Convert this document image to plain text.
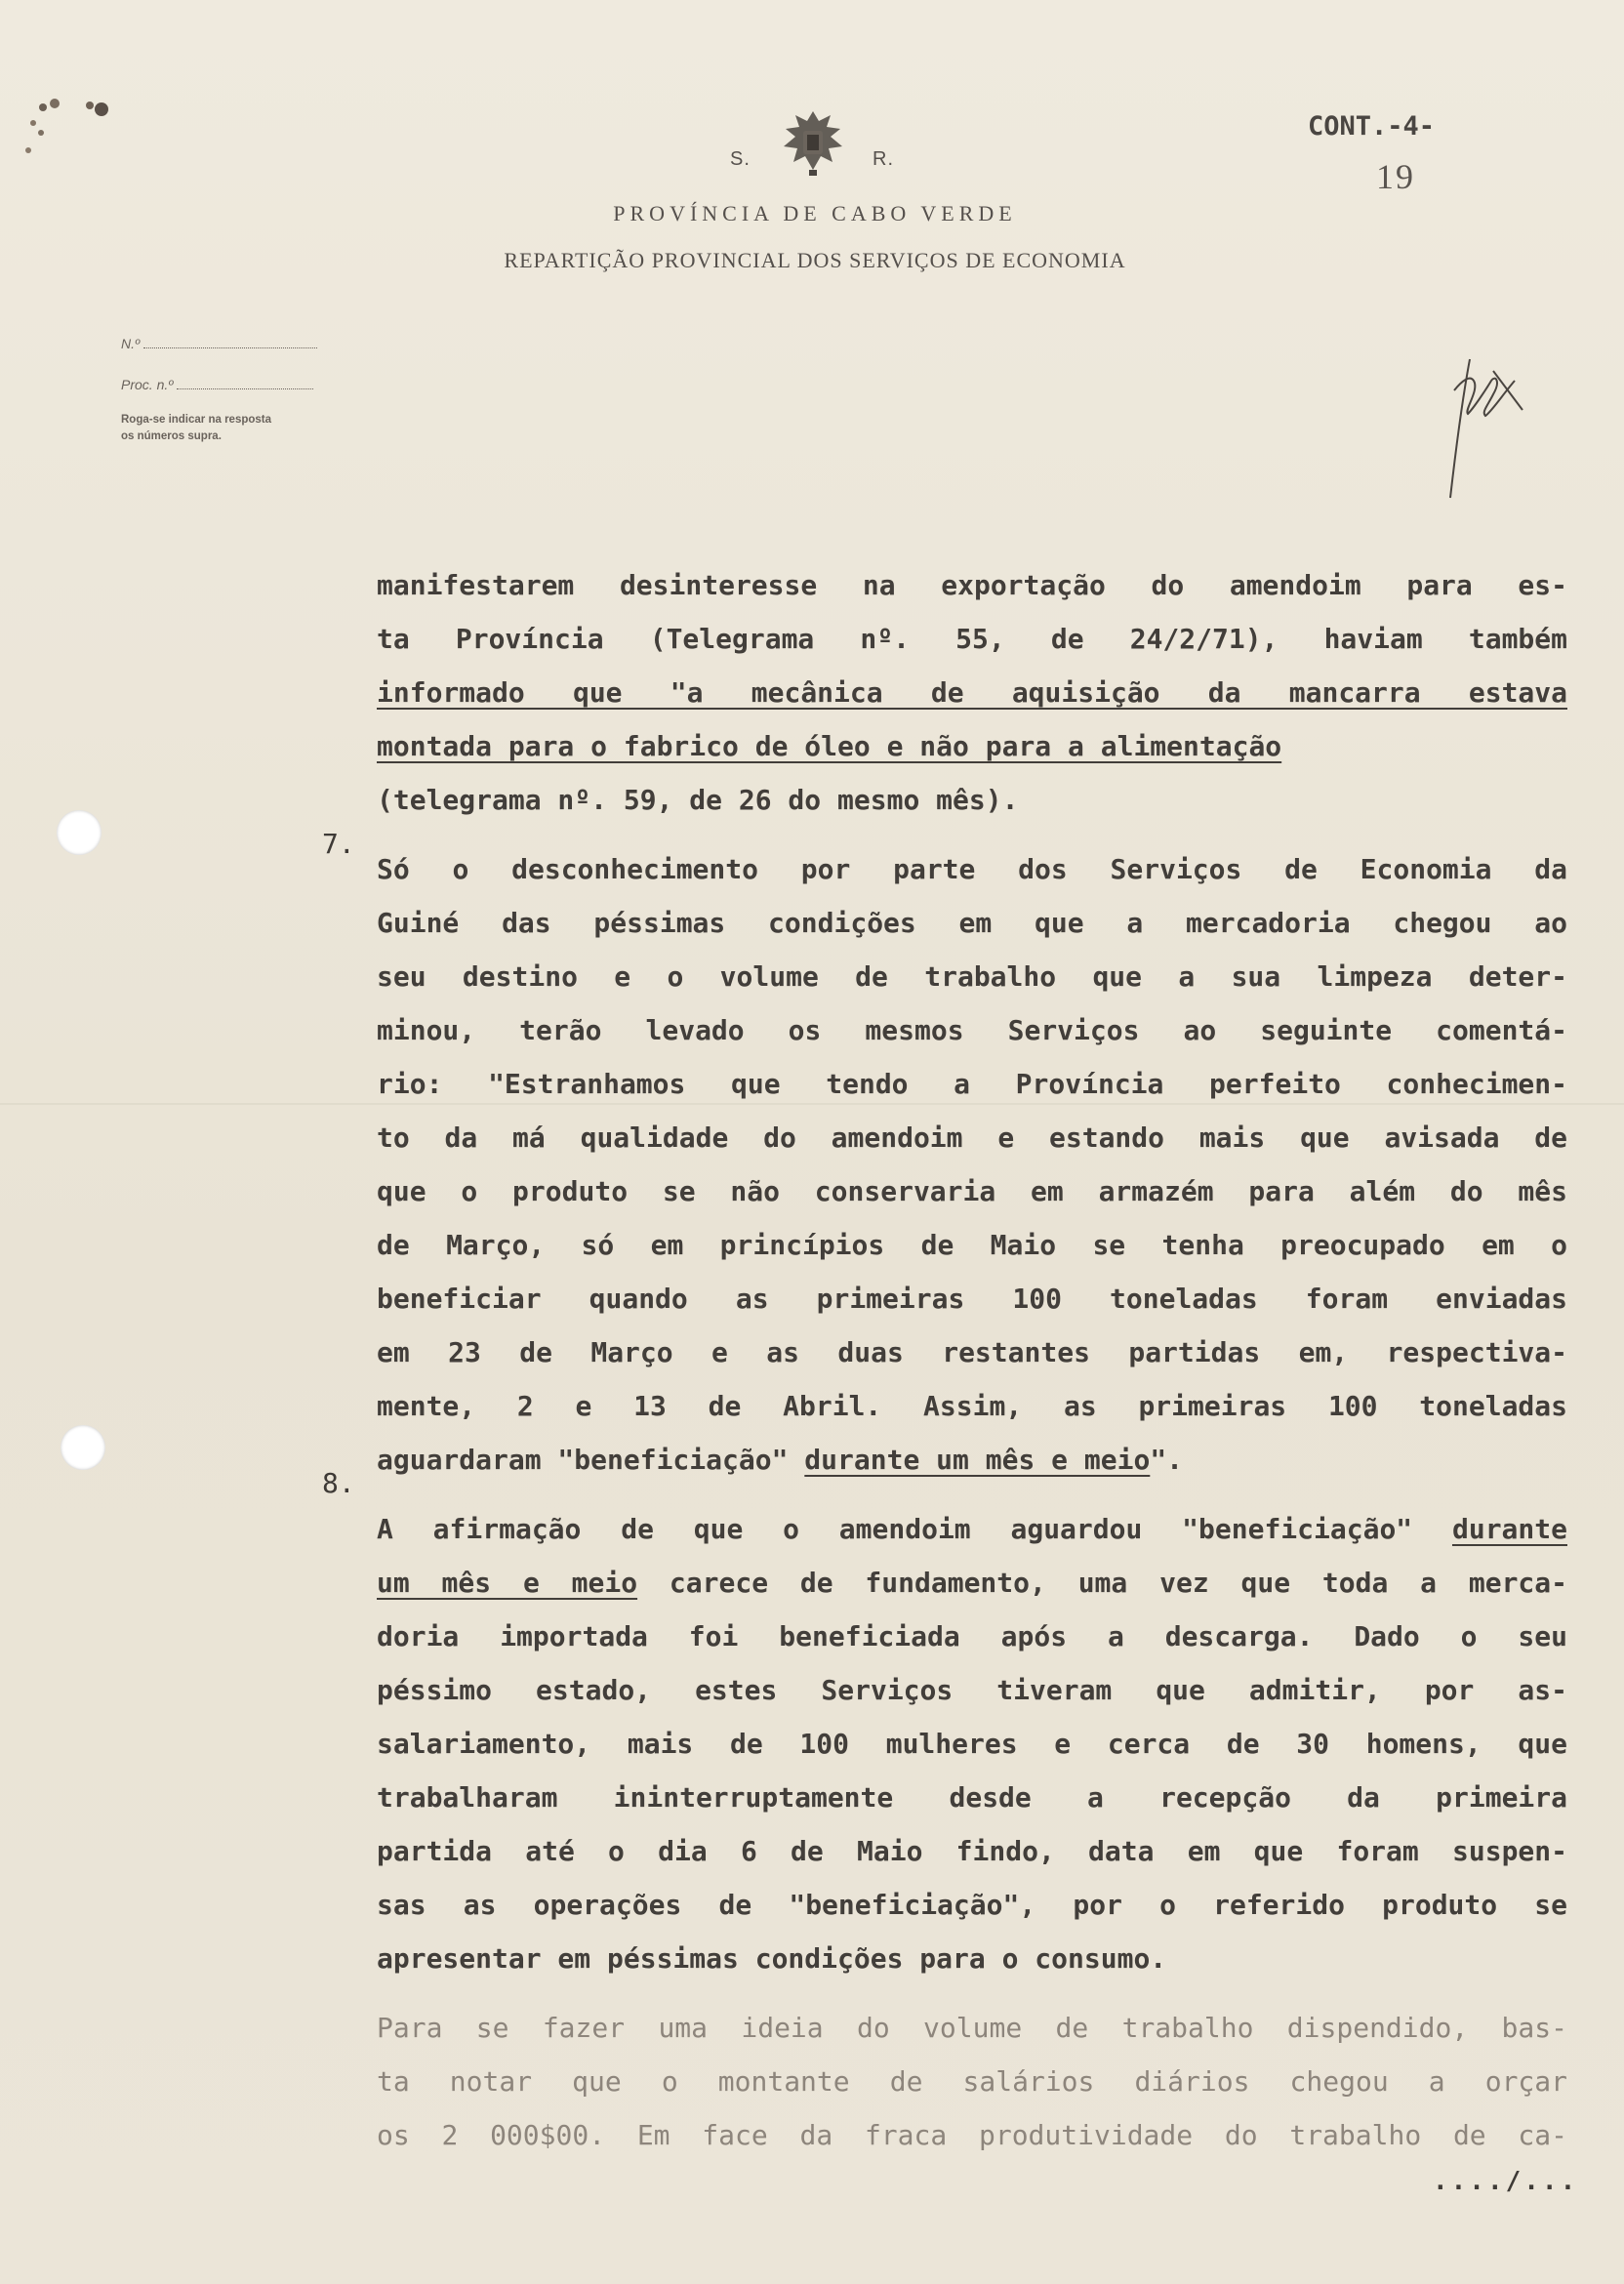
S.	R.
PROVÍNCIA DE CABO VERDE
REPARTIÇÃO PROVINCIAL DOS SERVIÇOS DE ECONOMIA
CONT.-4-
19
N.º
Proc. n.º
Roga-se indicar na resposta
os números supra.
7.
8.
manifestarem desinteresse na exportação do amendoim para es-
ta Província (Telegrama nº. 55, de 24/2/71), haviam também
informado que "a mecânica de aquisição da mancarra estava
montada para o fabrico de óleo e não para a alimentação
(telegrama nº. 59, de 26 do mesmo mês).
Só o desconhecimento por parte dos Serviços de Economia da
Guiné das péssimas condições em que a mercadoria chegou ao
seu destino e o volume de trabalho que a sua limpeza deter-
minou, terão levado os mesmos Serviços ao seguinte comentá-
rio: "Estranhamos que tendo a Província perfeito conhecimen-
to da má qualidade do amendoim e estando mais que avisada de
que o produto se não conservaria em armazém para além do mês
de Março, só em princípios de Maio se tenha preocupado em o
beneficiar quando as primeiras 100 toneladas foram enviadas
em 23 de Março e as duas restantes partidas em, respectiva-
mente, 2 e 13 de Abril. Assim, as primeiras 100 toneladas
aguardaram "beneficiação" durante um mês e meio".
A afirmação de que o amendoim aguardou "beneficiação" durante
um mês e meio carece de fundamento, uma vez que toda a merca-
doria importada foi beneficiada após a descarga. Dado o seu
péssimo estado, estes Serviços tiveram que admitir, por as-
salariamento, mais de 100 mulheres e cerca de 30 homens, que
trabalharam ininterruptamente desde a recepção da primeira
partida até o dia 6 de Maio findo, data em que foram suspen-
sas as operações de "beneficiação", por o referido produto se
apresentar em péssimas condições para o consumo.
Para se fazer uma ideia do volume de trabalho dispendido, bas-
ta notar que o montante de salários diários chegou a orçar
os 2 000$00. Em face da fraca produtividade do trabalho de ca-
..../...
